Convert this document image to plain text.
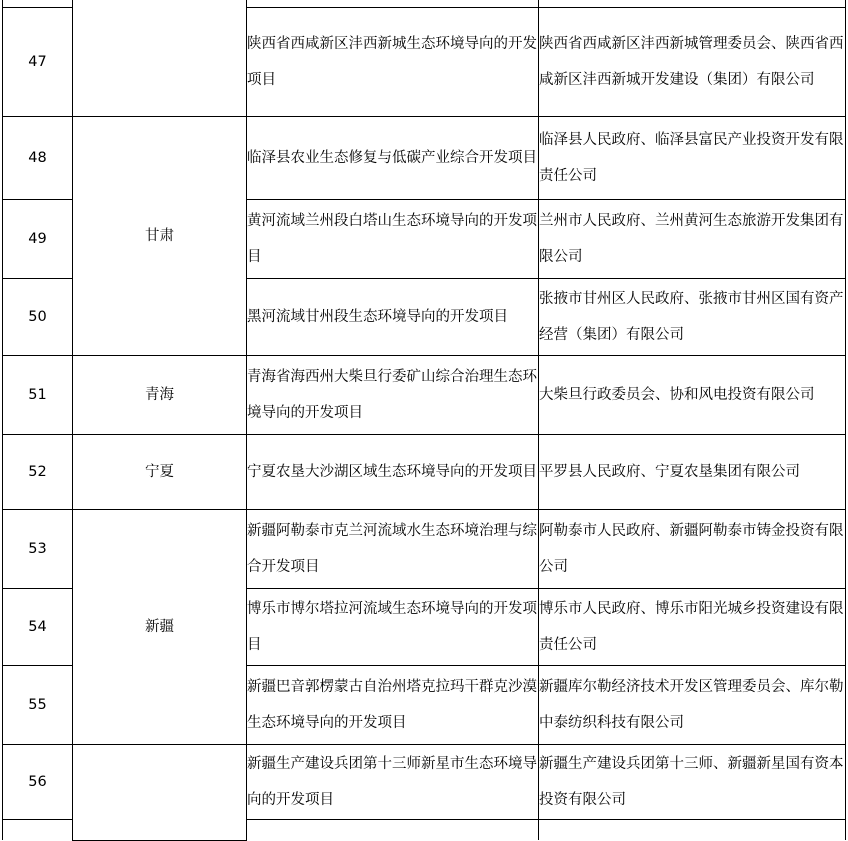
47		陕西省西咸新区沣西新城生态环境导向的开发项目	陕西省西咸新区沣西新城管理委员会、陕西省西咸新区沣西新城开发建设（集团）有限公司
48	甘肃	临泽县农业生态修复与低碳产业综合开发项目	临泽县人民政府、临泽县富民产业投资开发有限责任公司
49		黄河流域兰州段白塔山生态环境导向的开发项目	兰州市人民政府、兰州黄河生态旅游开发集团有限公司
50		黑河流域甘州段生态环境导向的开发项目	张掖市甘州区人民政府、张掖市甘州区国有资产经营（集团）有限公司
51	青海	青海省海西州大柴旦行委矿山综合治理生态环境导向的开发项目	大柴旦行政委员会、协和风电投资有限公司
52	宁夏	宁夏农垦大沙湖区域生态环境导向的开发项目	平罗县人民政府、宁夏农垦集团有限公司
53	新疆	新疆阿勒泰市克兰河流域水生态环境治理与综合开发项目	阿勒泰市人民政府、新疆阿勒泰市铸金投资有限公司
54		博乐市博尔塔拉河流域生态环境导向的开发项目	博乐市人民政府、博乐市阳光城乡投资建设有限责任公司
55		新疆巴音郭楞蒙古自治州塔克拉玛干群克沙漠生态环境导向的开发项目	新疆库尔勒经济技术开发区管理委员会、库尔勒中泰纺织科技有限公司
56		新疆生产建设兵团第十三师新星市生态环境导向的开发项目	新疆生产建设兵团第十三师、新疆新星国有资本投资有限公司
